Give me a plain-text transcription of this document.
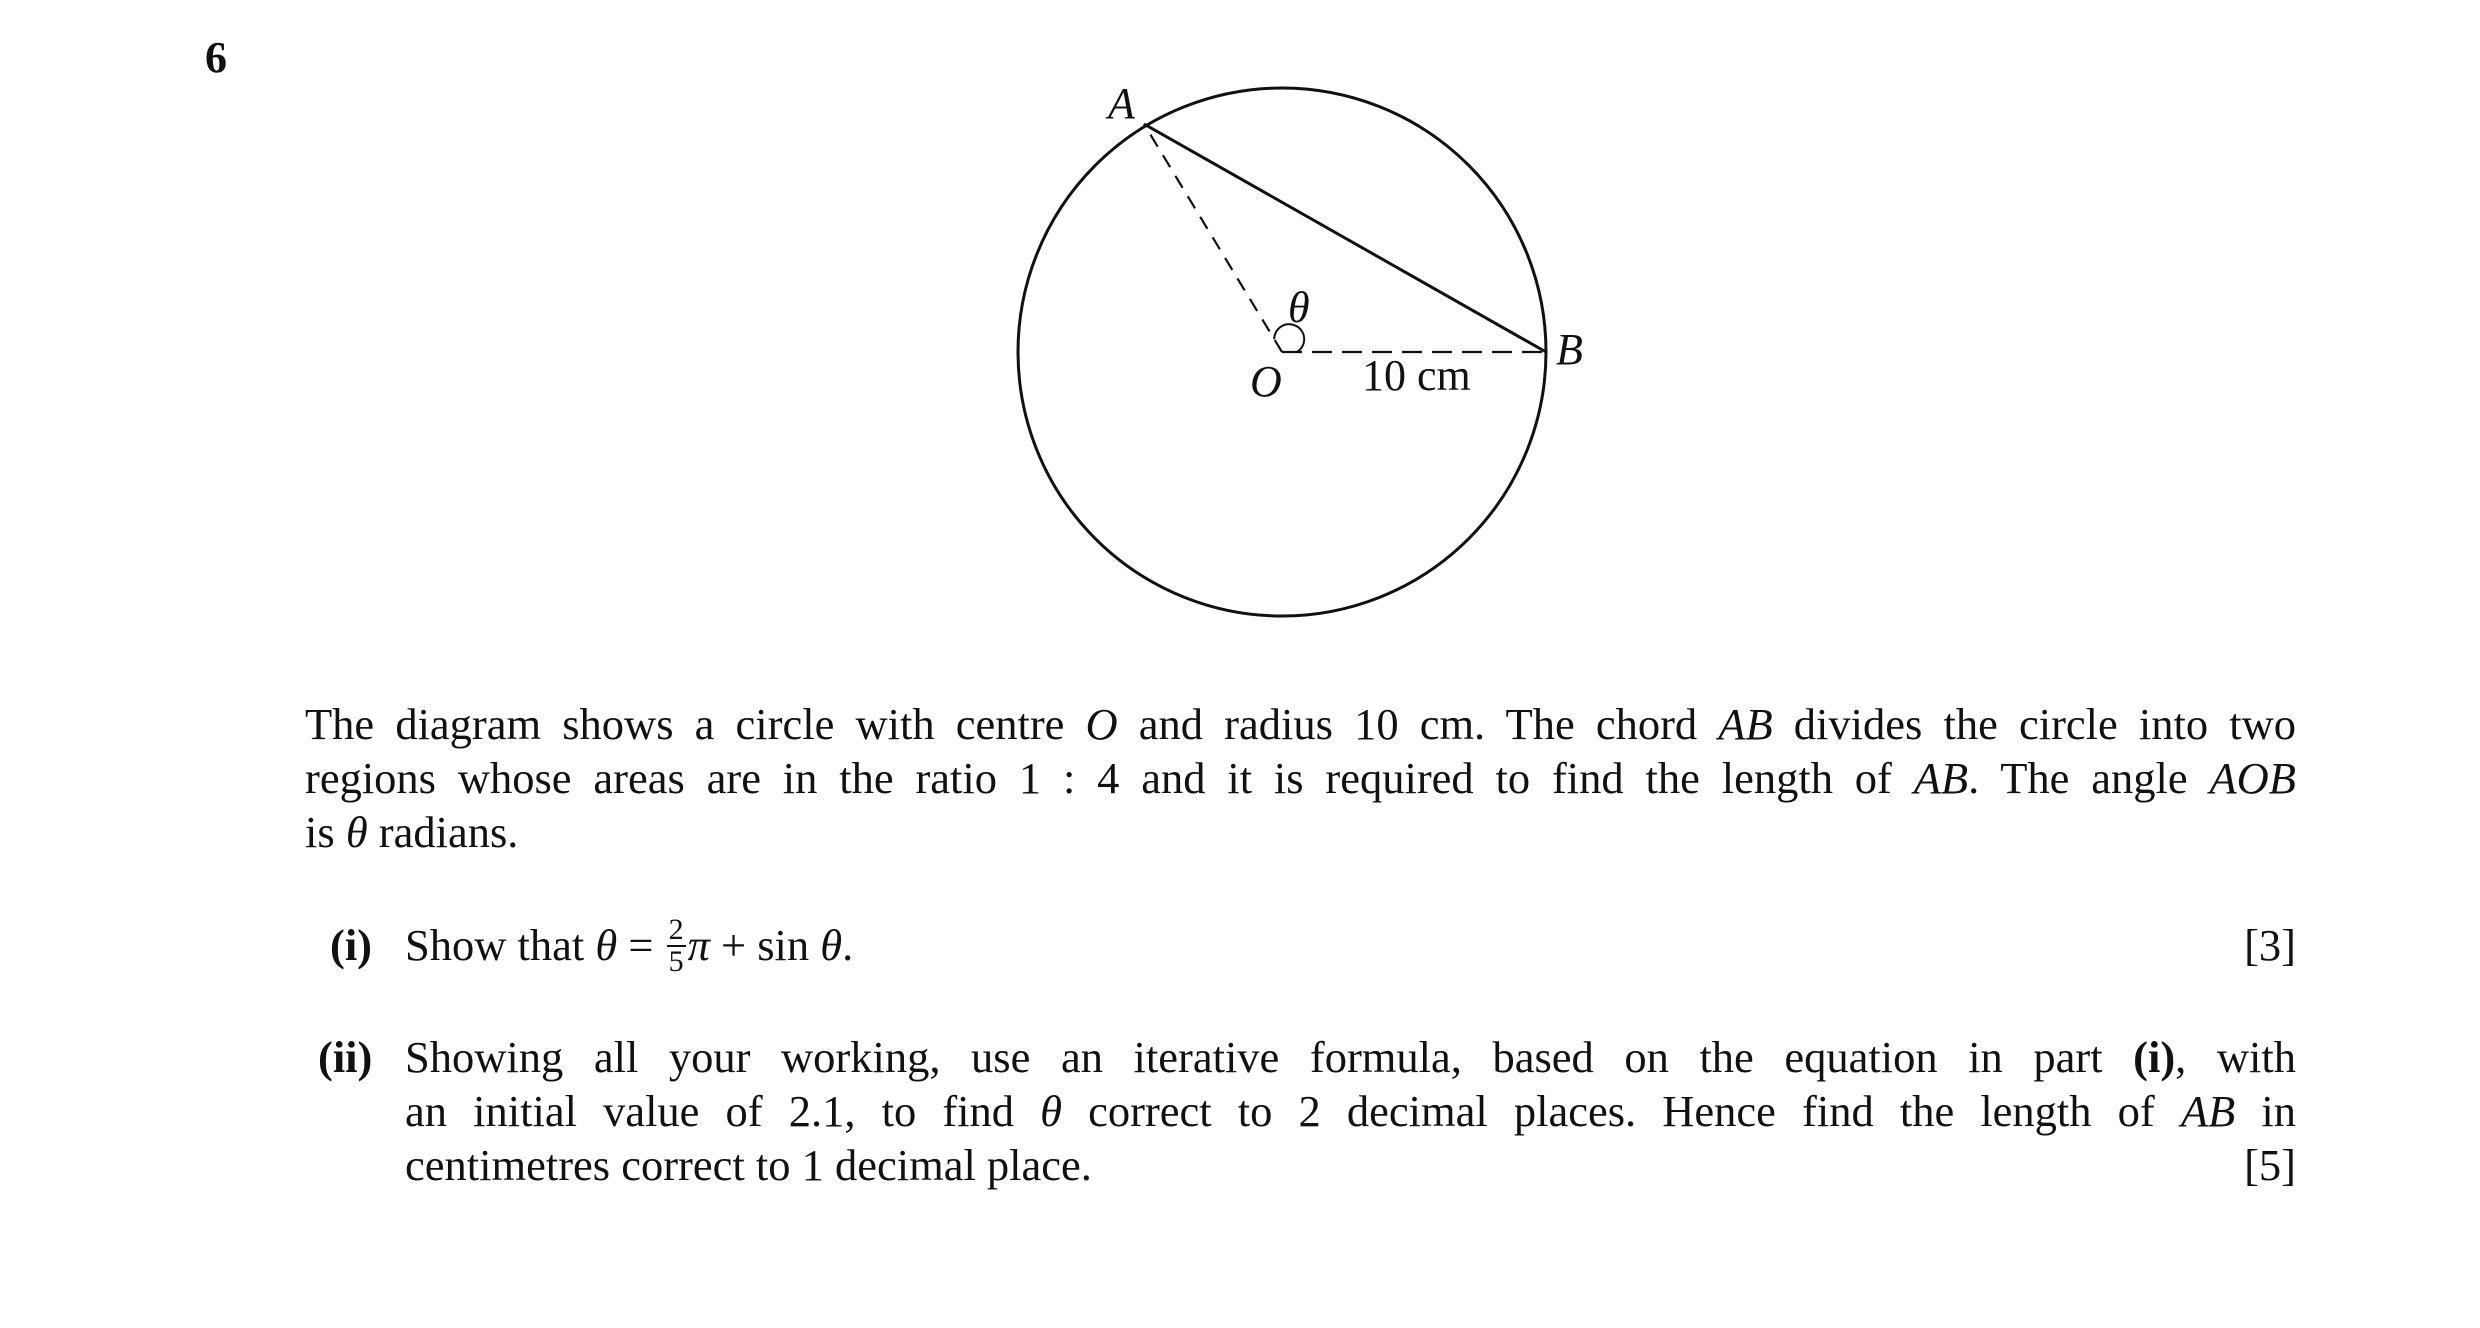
6
A
B
O
θ
10 cm
The diagram shows a circle with centre O and radius 10 cm. The chord AB divides the circle into two
regions whose areas are in the ratio 1 : 4 and it is required to find the length of AB. The angle AOB
is θ radians.
(i) Show that $\theta = \frac{2}{5}$ π + sin θ.	[3]
(ii) Showing all your working, use an iterative formula, based on the equation in part (i), with
an initial value of 2.1, to find θ correct to 2 decimal places. Hence find the length of AB in
centimetres correct to 1 decimal place.	[5]
